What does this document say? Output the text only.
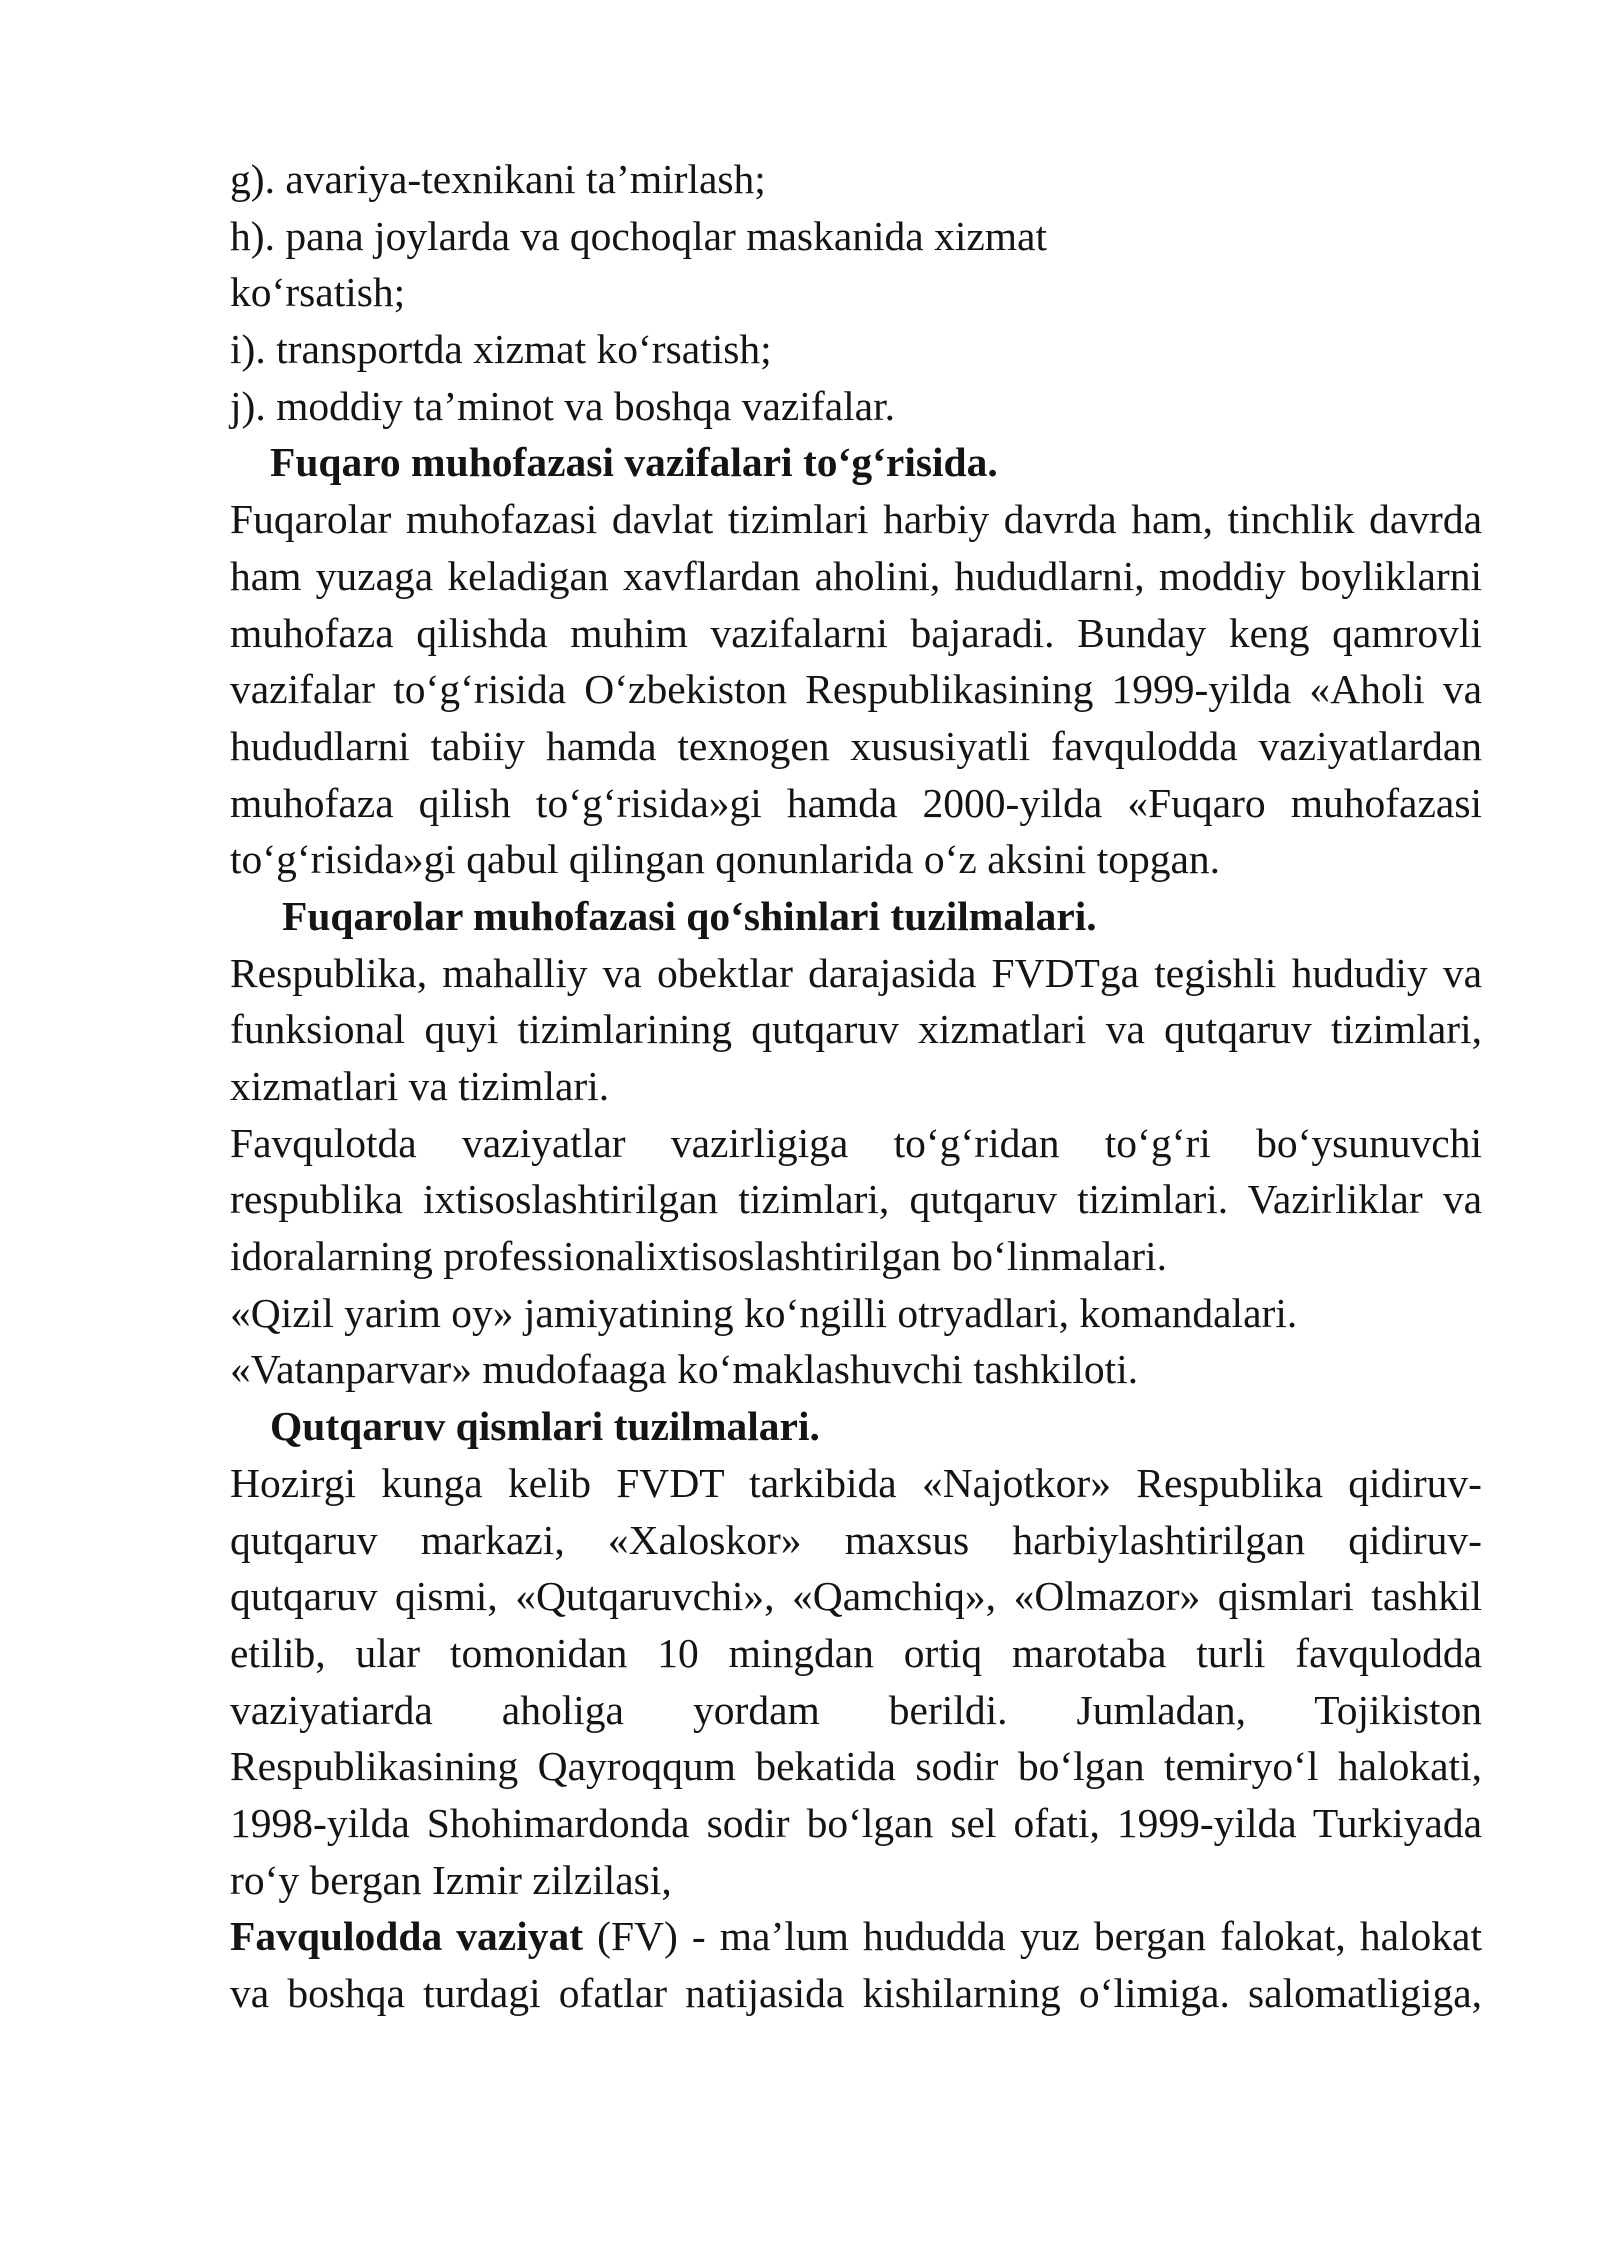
g). avariya-texnikani ta’mirlash;
h). pana joylarda va qochoqlar maskanida xizmat
ko‘rsatish;
i). transportda xizmat ko‘rsatish;
j). moddiy ta’minot va boshqa vazifalar.
Fuqaro muhofazasi vazifalari to‘g‘risida.
Fuqarolar muhofazasi davlat tizimlari harbiy davrda ham, tinchlik davrda
ham yuzaga keladigan xavflardan aholini, hududlarni, moddiy boyliklarni
muhofaza qilishda muhim vazifalarni bajaradi. Bunday keng qamrovli
vazifalar to‘g‘risida O‘zbekiston Respublikasining 1999-yilda «Aholi va
hududlarni tabiiy hamda texnogen xususiyatli favqulodda vaziyatlardan
muhofaza qilish to‘g‘risida»gi hamda 2000-yilda «Fuqaro muhofazasi
to‘g‘risida»gi qabul qilingan qonunlarida o‘z aksini topgan.
Fuqarolar muhofazasi qo‘shinlari tuzilmalari.
Respublika, mahalliy va obektlar darajasida FVDTga tegishli hududiy va
funksional quyi tizimlarining qutqaruv xizmatlari va qutqaruv tizimlari,
xizmatlari va tizimlari.
Favqulotda vaziyatlar vazirligiga to‘g‘ridan to‘g‘ri bo‘ysunuvchi
respublika ixtisoslashtirilgan tizimlari, qutqaruv tizimlari. Vazirliklar va
idoralarning professionalixtisoslashtirilgan bo‘linmalari.
«Qizil yarim oy» jamiyatining ko‘ngilli otryadlari, komandalari.
«Vatanparvar» mudofaaga ko‘maklashuvchi tashkiloti.
Qutqaruv qismlari tuzilmalari.
Hozirgi kunga kelib FVDT tarkibida «Najotkor» Respublika qidiruv-
qutqaruv markazi, «Xaloskor» maxsus harbiylashtirilgan qidiruv-
qutqaruv qismi, «Qutqaruvchi», «Qamchiq», «Olmazor» qismlari tashkil
etilib, ular tomonidan 10 mingdan ortiq marotaba turli favqulodda
vaziyatiarda aholiga yordam berildi. Jumladan, Tojikiston
Respublikasining Qayroqqum bekatida sodir bo‘lgan temiryo‘l halokati,
1998-yilda Shohimardonda sodir bo‘lgan sel ofati, 1999-yilda Turkiyada
ro‘y bergan Izmir zilzilasi,
Favqulodda vaziyat (FV) - ma’lum hududda yuz bergan falokat, halokat
va boshqa turdagi ofatlar natijasida kishilarning o‘limiga. salomatligiga,
